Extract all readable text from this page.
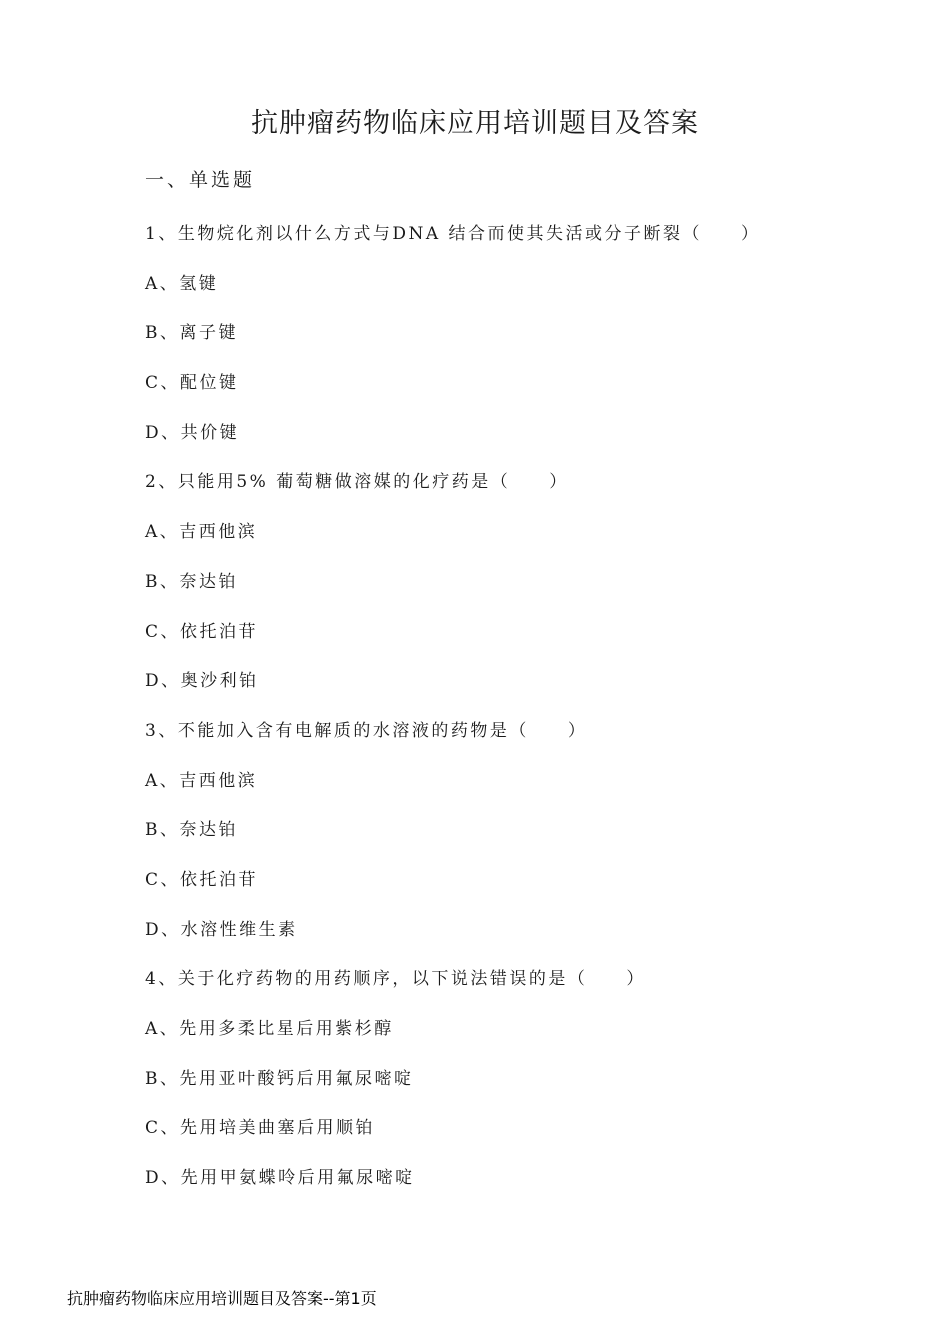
抗肿瘤药物临床应用培训题目及答案
一、单选题
1、生物烷化剂以什么方式与DNA 结合而使其失活或分子断裂（　　）
A、氢键
B、离子键
C、配位键
D、共价键
2、只能用5% 葡萄糖做溶媒的化疗药是（　　）
A、吉西他滨
B、奈达铂
C、依托泊苷
D、奥沙利铂
3、不能加入含有电解质的水溶液的药物是（　　）
A、吉西他滨
B、奈达铂
C、依托泊苷
D、水溶性维生素
4、关于化疗药物的用药顺序，以下说法错误的是（　　）
A、先用多柔比星后用紫杉醇
B、先用亚叶酸钙后用氟尿嘧啶
C、先用培美曲塞后用顺铂
D、先用甲氨蝶呤后用氟尿嘧啶
抗肿瘤药物临床应用培训题目及答案--第1页
